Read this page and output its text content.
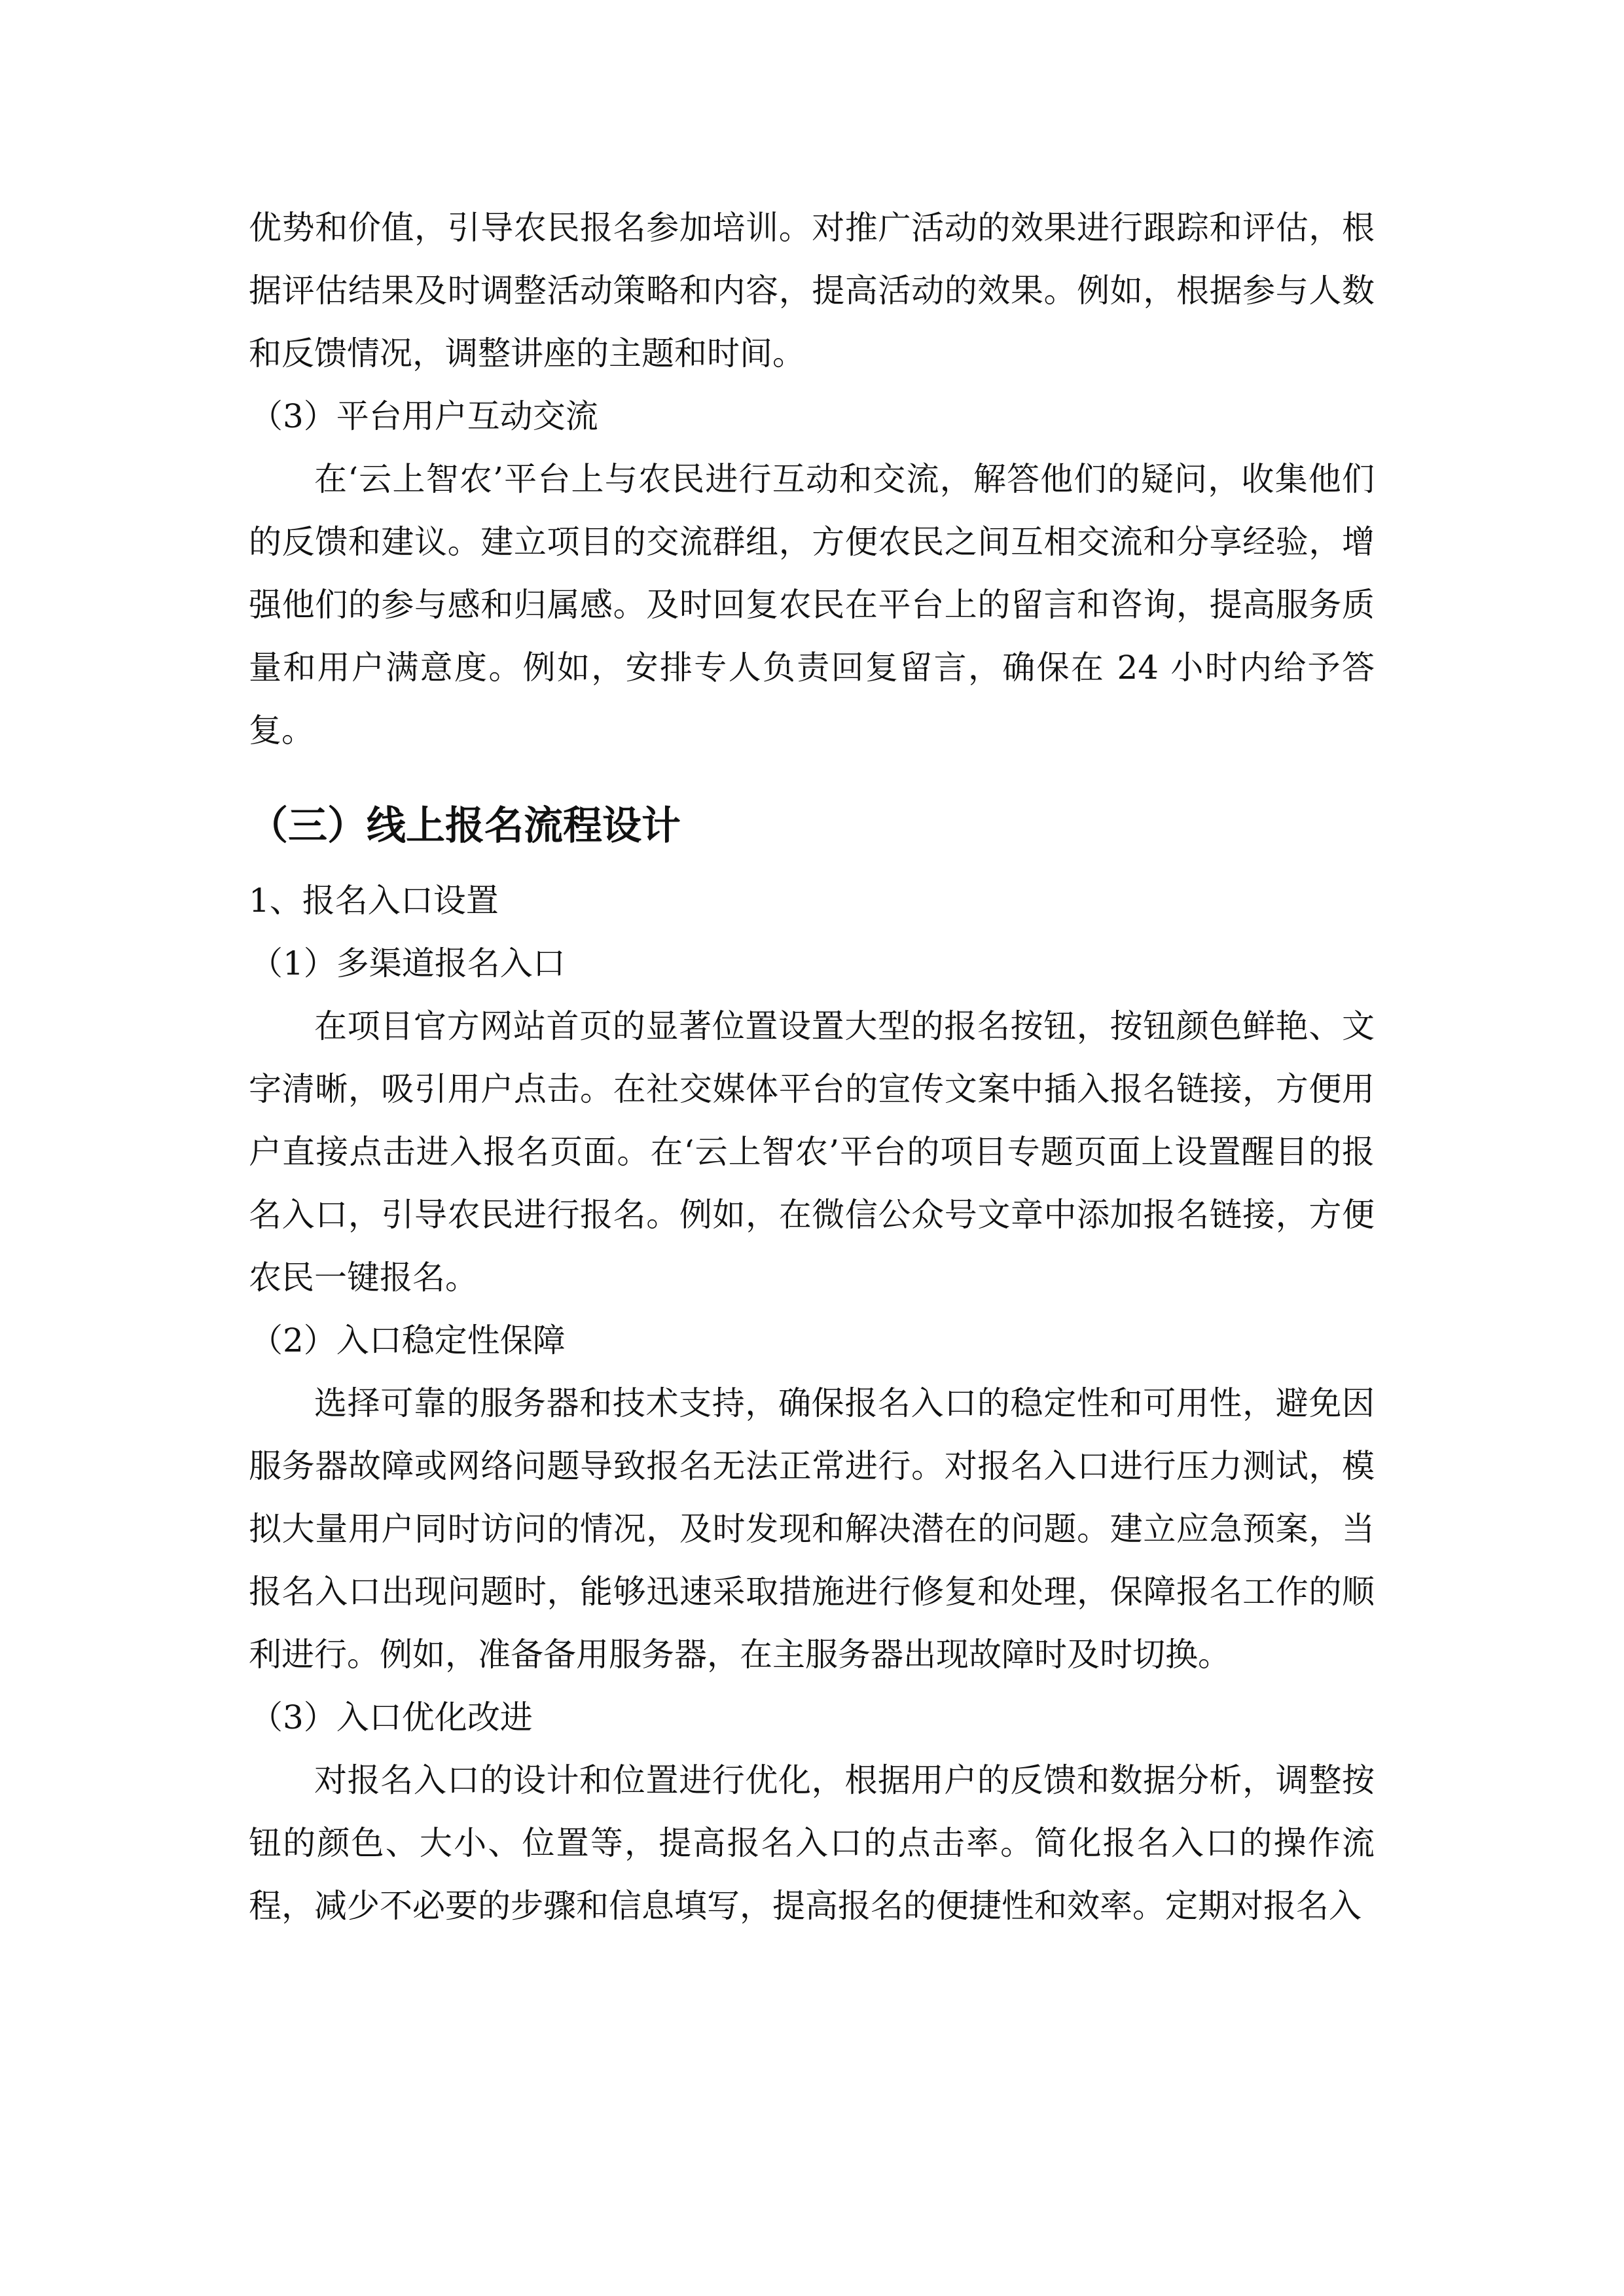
优势和价值，引导农民报名参加培训。对推广活动的效果进行跟踪和评估，根据评估结果及时调整活动策略和内容，提高活动的效果。例如，根据参与人数和反馈情况，调整讲座的主题和时间。

（3）平台用户互动交流

在‘云上智农’平台上与农民进行互动和交流，解答他们的疑问，收集他们的反馈和建议。建立项目的交流群组，方便农民之间互相交流和分享经验，增强他们的参与感和归属感。及时回复农民在平台上的留言和咨询，提高服务质量和用户满意度。例如，安排专人负责回复留言，确保在 24 小时内给予答复。

（三）线上报名流程设计

1、报名入口设置

（1）多渠道报名入口

在项目官方网站首页的显著位置设置大型的报名按钮，按钮颜色鲜艳、文字清晰，吸引用户点击。在社交媒体平台的宣传文案中插入报名链接，方便用户直接点击进入报名页面。在‘云上智农’平台的项目专题页面上设置醒目的报名入口，引导农民进行报名。例如，在微信公众号文章中添加报名链接，方便农民一键报名。

（2）入口稳定性保障

选择可靠的服务器和技术支持，确保报名入口的稳定性和可用性，避免因服务器故障或网络问题导致报名无法正常进行。对报名入口进行压力测试，模拟大量用户同时访问的情况，及时发现和解决潜在的问题。建立应急预案，当报名入口出现问题时，能够迅速采取措施进行修复和处理，保障报名工作的顺利进行。例如，准备备用服务器，在主服务器出现故障时及时切换。

（3）入口优化改进

对报名入口的设计和位置进行优化，根据用户的反馈和数据分析，调整按钮的颜色、大小、位置等，提高报名入口的点击率。简化报名入口的操作流程，减少不必要的步骤和信息填写，提高报名的便捷性和效率。定期对报名入
